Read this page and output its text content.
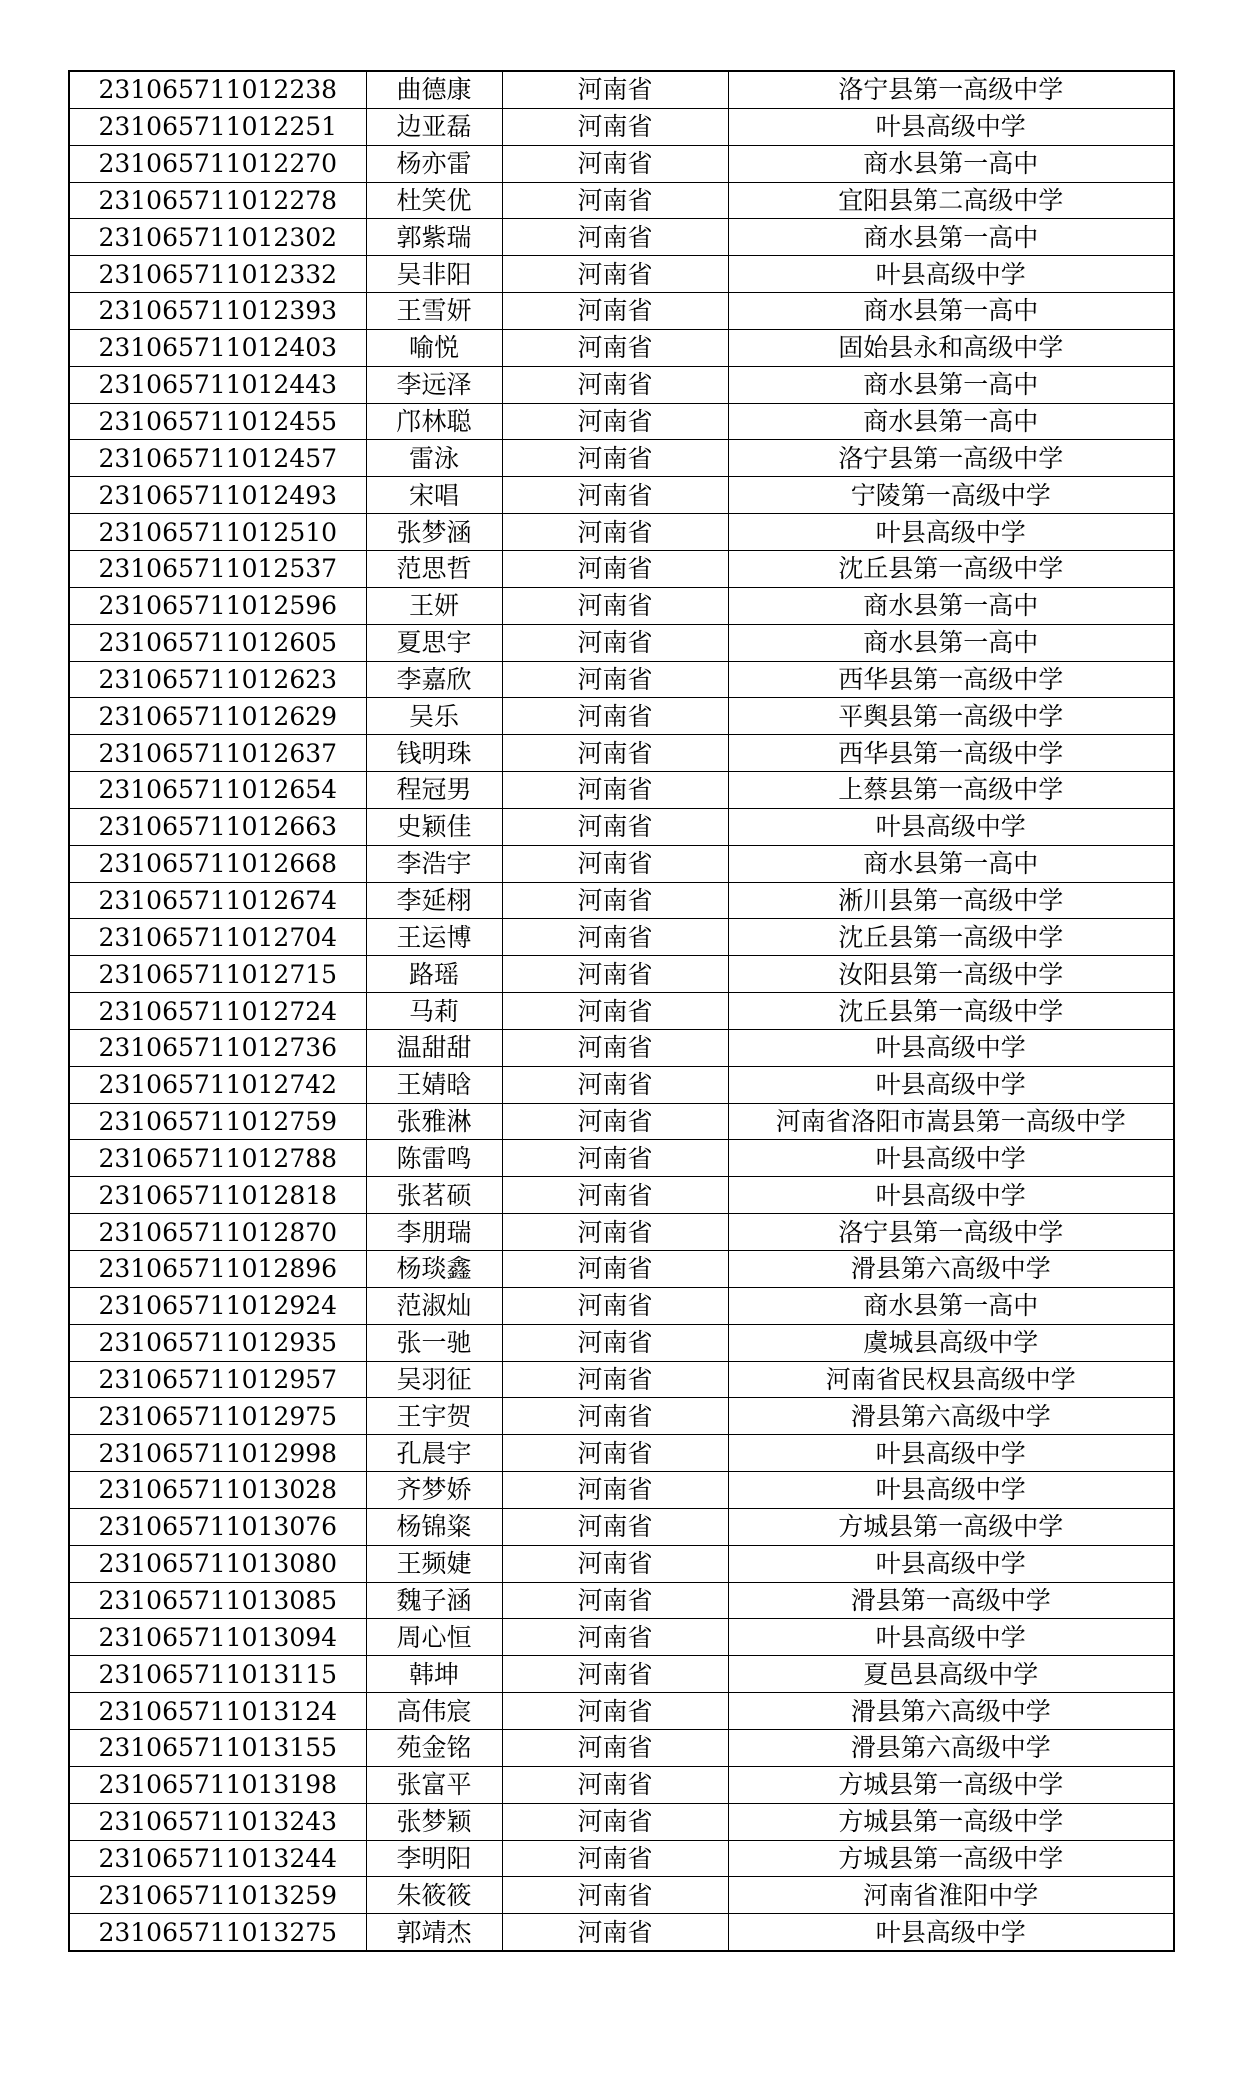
231065711012238	曲德康	河南省	洛宁县第一高级中学
231065711012251	边亚磊	河南省	叶县高级中学
231065711012270	杨亦雷	河南省	商水县第一高中
231065711012278	杜笑优	河南省	宜阳县第二高级中学
231065711012302	郭紫瑞	河南省	商水县第一高中
231065711012332	吴非阳	河南省	叶县高级中学
231065711012393	王雪妍	河南省	商水县第一高中
231065711012403	喻悦	河南省	固始县永和高级中学
231065711012443	李远泽	河南省	商水县第一高中
231065711012455	邝林聪	河南省	商水县第一高中
231065711012457	雷泳	河南省	洛宁县第一高级中学
231065711012493	宋唱	河南省	宁陵第一高级中学
231065711012510	张梦涵	河南省	叶县高级中学
231065711012537	范思哲	河南省	沈丘县第一高级中学
231065711012596	王妍	河南省	商水县第一高中
231065711012605	夏思宇	河南省	商水县第一高中
231065711012623	李嘉欣	河南省	西华县第一高级中学
231065711012629	吴乐	河南省	平舆县第一高级中学
231065711012637	钱明珠	河南省	西华县第一高级中学
231065711012654	程冠男	河南省	上蔡县第一高级中学
231065711012663	史颖佳	河南省	叶县高级中学
231065711012668	李浩宇	河南省	商水县第一高中
231065711012674	李延栩	河南省	淅川县第一高级中学
231065711012704	王运博	河南省	沈丘县第一高级中学
231065711012715	路瑶	河南省	汝阳县第一高级中学
231065711012724	马莉	河南省	沈丘县第一高级中学
231065711012736	温甜甜	河南省	叶县高级中学
231065711012742	王婧晗	河南省	叶县高级中学
231065711012759	张雅淋	河南省	河南省洛阳市嵩县第一高级中学
231065711012788	陈雷鸣	河南省	叶县高级中学
231065711012818	张茗硕	河南省	叶县高级中学
231065711012870	李朋瑞	河南省	洛宁县第一高级中学
231065711012896	杨琰鑫	河南省	滑县第六高级中学
231065711012924	范淑灿	河南省	商水县第一高中
231065711012935	张一驰	河南省	虞城县高级中学
231065711012957	吴羽征	河南省	河南省民权县高级中学
231065711012975	王宇贺	河南省	滑县第六高级中学
231065711012998	孔晨宇	河南省	叶县高级中学
231065711013028	齐梦娇	河南省	叶县高级中学
231065711013076	杨锦粢	河南省	方城县第一高级中学
231065711013080	王频婕	河南省	叶县高级中学
231065711013085	魏子涵	河南省	滑县第一高级中学
231065711013094	周心恒	河南省	叶县高级中学
231065711013115	韩坤	河南省	夏邑县高级中学
231065711013124	高伟宸	河南省	滑县第六高级中学
231065711013155	苑金铭	河南省	滑县第六高级中学
231065711013198	张富平	河南省	方城县第一高级中学
231065711013243	张梦颖	河南省	方城县第一高级中学
231065711013244	李明阳	河南省	方城县第一高级中学
231065711013259	朱筱筱	河南省	河南省淮阳中学
231065711013275	郭靖杰	河南省	叶县高级中学
